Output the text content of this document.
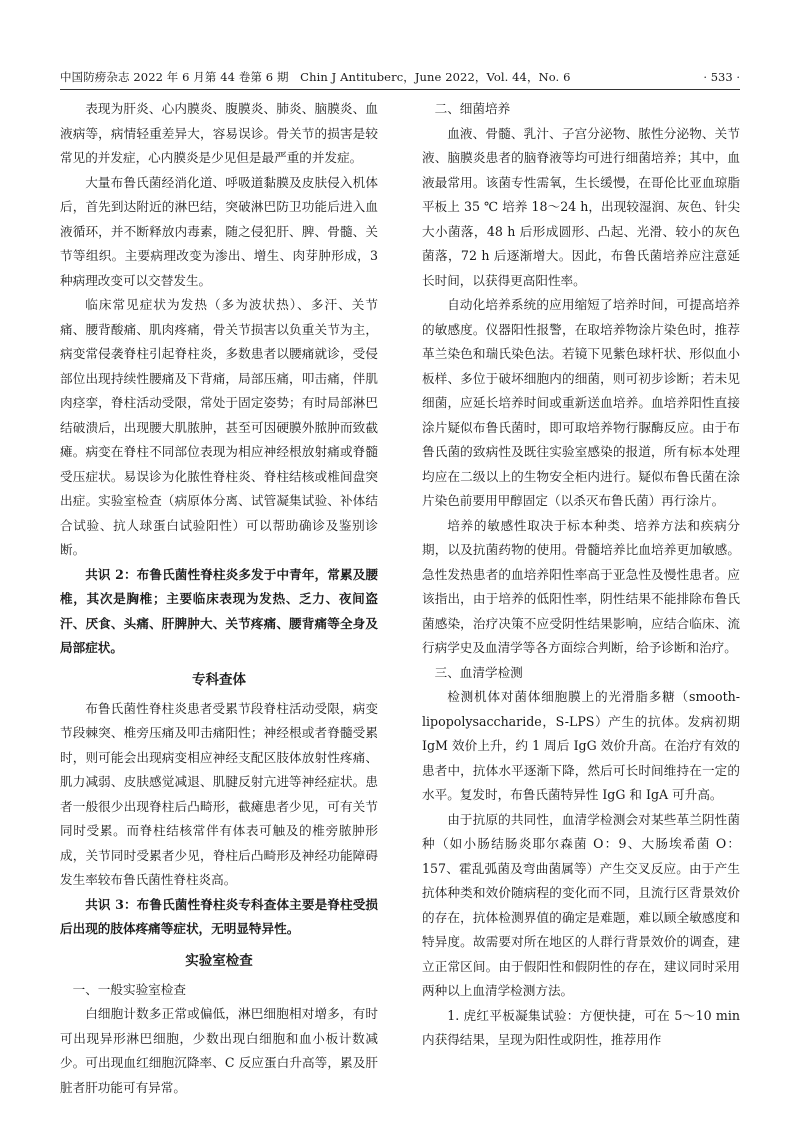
中国防痨杂志 2022 年 6 月第 44 卷第 6 期　Chin J Antituberc，June 2022，Vol. 44，No. 6	· 533 ·

表现为肝炎、心内膜炎、腹膜炎、肺炎、脑膜炎、血液病等，病情轻重差异大，容易误诊。骨关节的损害是较常见的并发症，心内膜炎是少见但是最严重的并发症。

大量布鲁氏菌经消化道、呼吸道黏膜及皮肤侵入机体后，首先到达附近的淋巴结，突破淋巴防卫功能后进入血液循环，并不断释放内毒素，随之侵犯肝、脾、骨髓、关节等组织。主要病理改变为渗出、增生、肉芽肿形成，3 种病理改变可以交替发生。

临床常见症状为发热（多为波状热）、多汗、关节痛、腰背酸痛、肌肉疼痛，骨关节损害以负重关节为主，病变常侵袭脊柱引起脊柱炎，多数患者以腰痛就诊，受侵部位出现持续性腰痛及下背痛，局部压痛，叩击痛，伴肌肉痉挛，脊柱活动受限，常处于固定姿势；有时局部淋巴结破溃后，出现腰大肌脓肿，甚至可因硬膜外脓肿而致截瘫。病变在脊柱不同部位表现为相应神经根放射痛或脊髓受压症状。易误诊为化脓性脊柱炎、脊柱结核或椎间盘突出症。实验室检查（病原体分离、试管凝集试验、补体结合试验、抗人球蛋白试验阳性）可以帮助确诊及鉴别诊断。

共识 2：布鲁氏菌性脊柱炎多发于中青年，常累及腰椎，其次是胸椎；主要临床表现为发热、乏力、夜间盗汗、厌食、头痛、肝脾肿大、关节疼痛、腰背痛等全身及局部症状。

专科查体

布鲁氏菌性脊柱炎患者受累节段脊柱活动受限，病变节段棘突、椎旁压痛及叩击痛阳性；神经根或者脊髓受累时，则可能会出现病变相应神经支配区肢体放射性疼痛、肌力减弱、皮肤感觉减退、肌腱反射亢进等神经症状。患者一般很少出现脊柱后凸畸形，截瘫患者少见，可有关节同时受累。而脊柱结核常伴有体表可触及的椎旁脓肿形成，关节同时受累者少见，脊柱后凸畸形及神经功能障碍发生率较布鲁氏菌性脊柱炎高。

共识 3：布鲁氏菌性脊柱炎专科查体主要是脊柱受损后出现的肢体疼痛等症状，无明显特异性。

实验室检查

一、一般实验室检查

白细胞计数多正常或偏低，淋巴细胞相对增多，有时可出现异形淋巴细胞，少数出现白细胞和血小板计数减少。可出现血红细胞沉降率、C 反应蛋白升高等，累及肝脏者肝功能可有异常。

二、细菌培养

血液、骨髓、乳汁、子宫分泌物、脓性分泌物、关节液、脑膜炎患者的脑脊液等均可进行细菌培养；其中，血液最常用。该菌专性需氧，生长缓慢，在哥伦比亚血琼脂平板上 35 ℃ 培养 18～24 h，出现较湿润、灰色、针尖大小菌落，48 h 后形成圆形、凸起、光滑、较小的灰色菌落，72 h 后逐渐增大。因此，布鲁氏菌培养应注意延长时间，以获得更高阳性率。

自动化培养系统的应用缩短了培养时间，可提高培养的敏感度。仪器阳性报警，在取培养物涂片染色时，推荐革兰染色和瑞氏染色法。若镜下见紫色球杆状、形似血小板样、多位于破坏细胞内的细菌，则可初步诊断；若未见细菌，应延长培养时间或重新送血培养。血培养阳性直接涂片疑似布鲁氏菌时，即可取培养物行脲酶反应。由于布鲁氏菌的致病性及既往实验室感染的报道，所有标本处理均应在二级以上的生物安全柜内进行。疑似布鲁氏菌在涂片染色前要用甲醇固定（以杀灭布鲁氏菌）再行涂片。

培养的敏感性取决于标本种类、培养方法和疾病分期，以及抗菌药物的使用。骨髓培养比血培养更加敏感。急性发热患者的血培养阳性率高于亚急性及慢性患者。应该指出，由于培养的低阳性率，阴性结果不能排除布鲁氏菌感染，治疗决策不应受阴性结果影响，应结合临床、流行病学史及血清学等各方面综合判断，给予诊断和治疗。

三、血清学检测

检测机体对菌体细胞膜上的光滑脂多糖（smooth-lipopolysaccharide，S-LPS）产生的抗体。发病初期 IgM 效价上升，约 1 周后 IgG 效价升高。在治疗有效的患者中，抗体水平逐渐下降，然后可长时间维持在一定的水平。复发时，布鲁氏菌特异性 IgG 和 IgA 可升高。

由于抗原的共同性，血清学检测会对某些革兰阴性菌种（如小肠结肠炎耶尔森菌 O：9、大肠埃希菌 O：157、霍乱弧菌及弯曲菌属等）产生交叉反应。由于产生抗体种类和效价随病程的变化而不同，且流行区背景效价的存在，抗体检测界值的确定是难题，难以顾全敏感度和特异度。故需要对所在地区的人群行背景效价的调查，建立正常区间。由于假阳性和假阴性的存在，建议同时采用两种以上血清学检测方法。

1. 虎红平板凝集试验：方便快捷，可在 5～10 min 内获得结果，呈现为阳性或阴性，推荐用作
